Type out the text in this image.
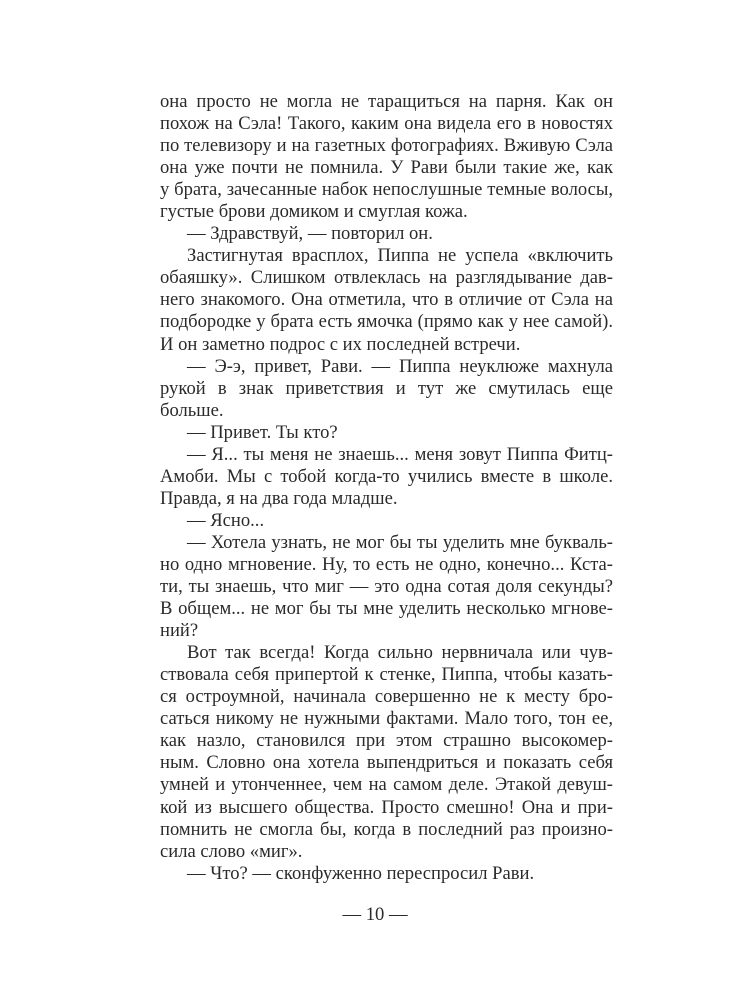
она просто не могла не таращиться на парня. Как он
похож на Сэла! Такого, каким она видела его в новостях
по телевизору и на газетных фотографиях. Вживую Сэла
она уже почти не помнила. У Рави были такие же, как
у брата, зачесанные набок непослушные темные волосы,
густые брови домиком и смуглая кожа.
— Здравствуй, — повторил он.
Застигнутая врасплох, Пиппа не успела «включить
обаяшку». Слишком отвлеклась на разглядывание дав-
него знакомого. Она отметила, что в отличие от Сэла на
подбородке у брата есть ямочка (прямо как у нее самой).
И он заметно подрос с их последней встречи.
— Э-э, привет, Рави. — Пиппа неуклюже махнула
рукой в знак приветствия и тут же смутилась еще
больше.
— Привет. Ты кто?
— Я... ты меня не знаешь... меня зовут Пиппа Фитц-
Амоби. Мы с тобой когда-то учились вместе в школе.
Правда, я на два года младше.
— Ясно...
— Хотела узнать, не мог бы ты уделить мне букваль-
но одно мгновение. Ну, то есть не одно, конечно... Кста-
ти, ты знаешь, что миг — это одна сотая доля секунды?
В общем... не мог бы ты мне уделить несколько мгнове-
ний?
Вот так всегда! Когда сильно нервничала или чув-
ствовала себя припертой к стенке, Пиппа, чтобы казать-
ся остроумной, начинала совершенно не к месту бро-
саться никому не нужными фактами. Мало того, тон ее,
как назло, становился при этом страшно высокомер-
ным. Словно она хотела выпендриться и показать себя
умней и утонченнее, чем на самом деле. Этакой девуш-
кой из высшего общества. Просто смешно! Она и при-
помнить не смогла бы, когда в последний раз произно-
сила слово «миг».
— Что? — сконфуженно переспросил Рави.
— 10 —
